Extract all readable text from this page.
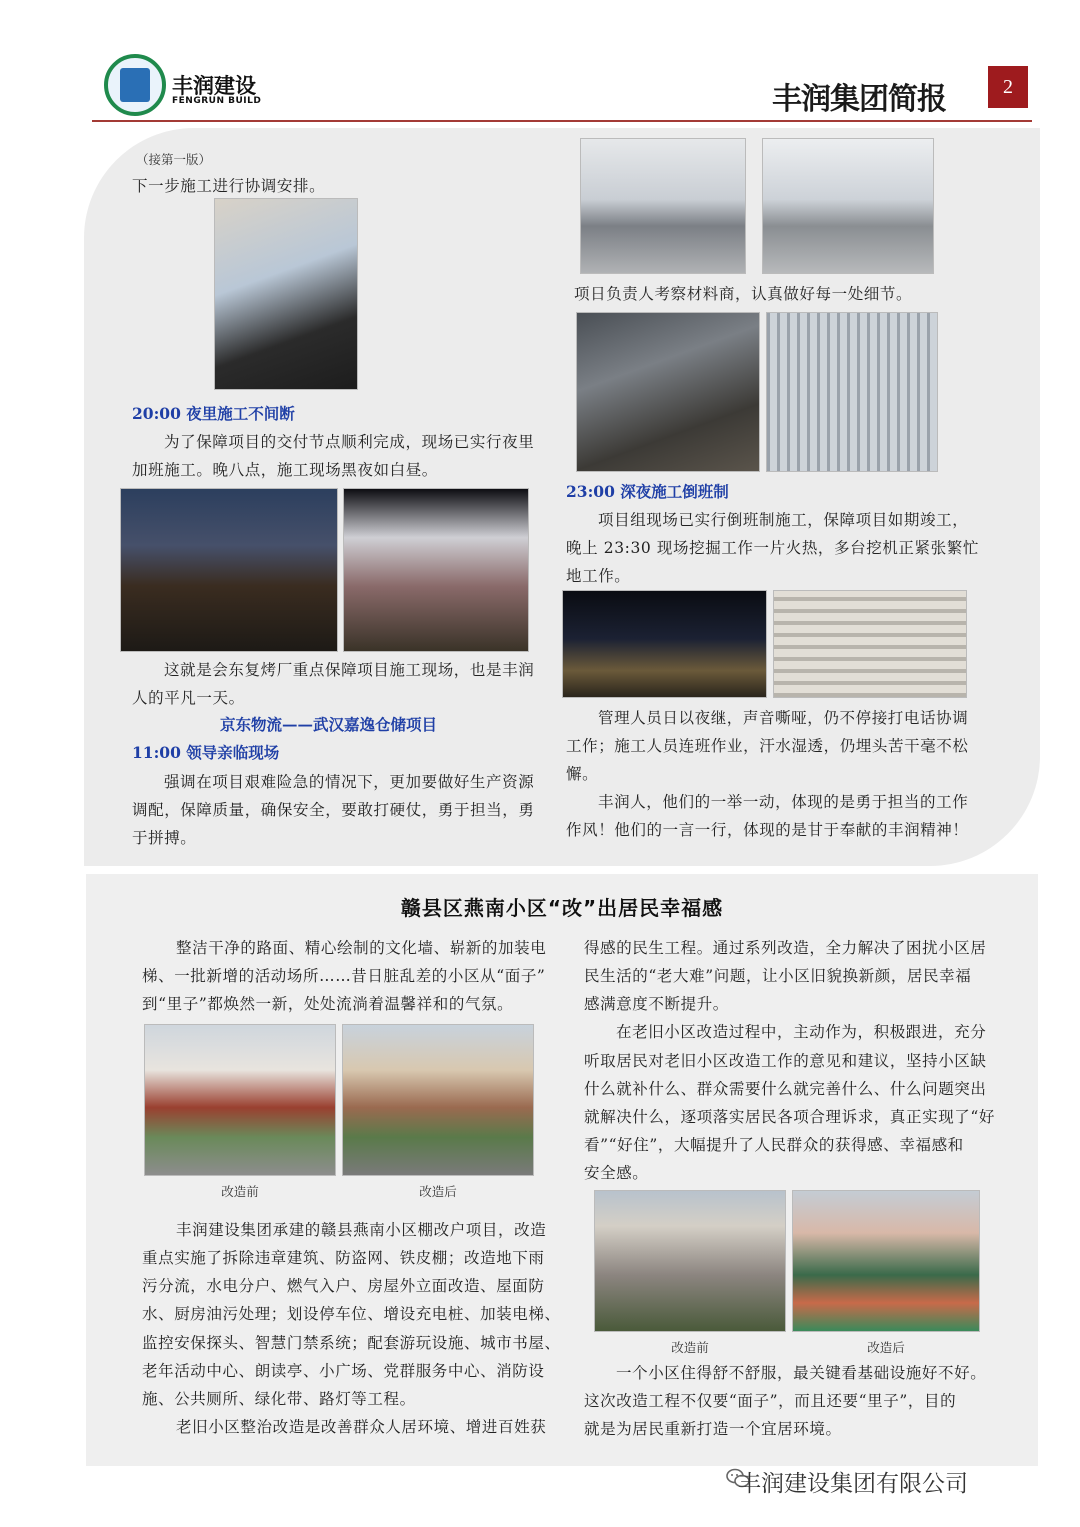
丰润建设
FENGRUN BUILD	丰润集团简报	2
（接第一版）
下一步施工进行协调安排。
20:00 夜里施工不间断
为了保障项目的交付节点顺利完成，现场已实行夜里
加班施工。晚八点，施工现场黑夜如白昼。
这就是会东复烤厂重点保障项目施工现场，也是丰润
人的平凡一天。
京东物流——武汉嘉逸仓储项目
11:00 领导亲临现场
强调在项目艰难险急的情况下，更加要做好生产资源
调配，保障质量，确保安全，要敢打硬仗，勇于担当，勇
于拼搏。
项日负责人考察材料商，认真做好每一处细节。
23:00 深夜施工倒班制
项目组现场已实行倒班制施工，保障项目如期竣工，
晚上 23:30 现场挖掘工作一片火热，多台挖机正紧张繁忙
地工作。
管理人员日以夜继，声音嘶哑，仍不停接打电话协调
工作；施工人员连班作业，汗水湿透，仍埋头苦干毫不松
懈。
丰润人，他们的一举一动，体现的是勇于担当的工作
作风！他们的一言一行，体现的是甘于奉献的丰润精神！
赣县区燕南小区“改”出居民幸福感
整洁干净的路面、精心绘制的文化墙、崭新的加装电
梯、一批新增的活动场所……昔日脏乱差的小区从“面子”
到“里子”都焕然一新，处处流淌着温馨祥和的气氛。
改造前	改造后
丰润建设集团承建的赣县燕南小区棚改户项目，改造
重点实施了拆除违章建筑、防盗网、铁皮棚；改造地下雨
污分流，水电分户、燃气入户、房屋外立面改造、屋面防
水、厨房油污处理；划设停车位、增设充电桩、加装电梯、
监控安保探头、智慧门禁系统；配套游玩设施、城市书屋、
老年活动中心、朗读亭、小广场、党群服务中心、消防设
施、公共厕所、绿化带、路灯等工程。
老旧小区整治改造是改善群众人居环境、增进百姓获
得感的民生工程。通过系列改造，全力解决了困扰小区居
民生活的“老大难”问题，让小区旧貌换新颜，居民幸福
感满意度不断提升。
在老旧小区改造过程中，主动作为，积极跟进，充分
听取居民对老旧小区改造工作的意见和建议，坚持小区缺
什么就补什么、群众需要什么就完善什么、什么问题突出
就解决什么，逐项落实居民各项合理诉求，真正实现了“好
看”“好住”，大幅提升了人民群众的获得感、幸福感和
安全感。
改造前	改造后
一个小区住得舒不舒服，最关键看基础设施好不好。
这次改造工程不仅要“面子”，而且还要“里子”，目的
就是为居民重新打造一个宜居环境。
丰润建设集团有限公司
